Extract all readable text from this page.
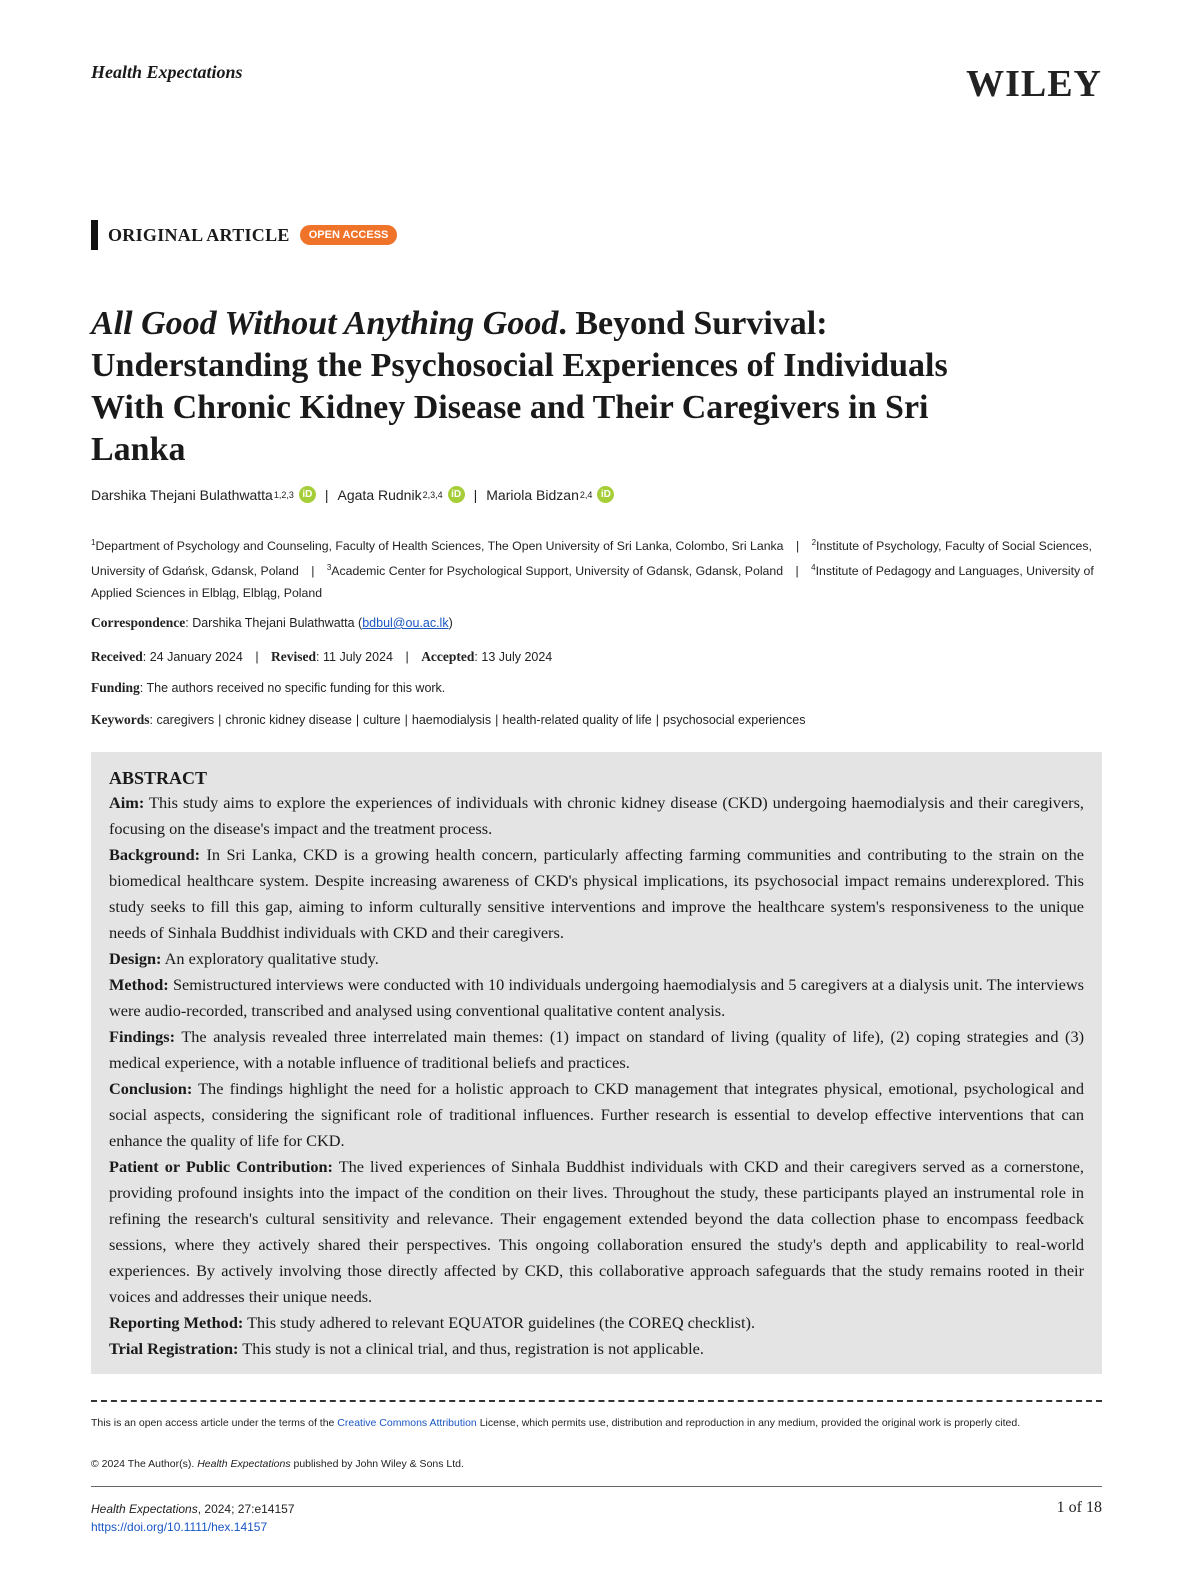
Health Expectations	WILEY
ORIGINAL ARTICLE	OPEN ACCESS
All Good Without Anything Good. Beyond Survival: Understanding the Psychosocial Experiences of Individuals With Chronic Kidney Disease and Their Caregivers in Sri Lanka
Darshika Thejani Bulathwatta 1,2,3 iD | Agata Rudnik 2,3,4 iD | Mariola Bidzan 2,4 iD
$^1$Department of Psychology and Counseling, Faculty of Health Sciences, The Open University of Sri Lanka, Colombo, Sri Lanka | $^2$Institute of Psychology, Faculty of Social Sciences, University of Gdańsk, Gdansk, Poland | $^3$Academic Center for Psychological Support, University of Gdansk, Gdansk, Poland | $^4$Institute of Pedagogy and Languages, University of Applied Sciences in Elbląg, Elbląg, Poland
Correspondence: Darshika Thejani Bulathwatta (bdbul@ou.ac.lk)
Received: 24 January 2024 | Revised: 11 July 2024 | Accepted: 13 July 2024
Funding: The authors received no specific funding for this work.
Keywords: caregivers | chronic kidney disease | culture | haemodialysis | health-related quality of life | psychosocial experiences
ABSTRACT

Aim: This study aims to explore the experiences of individuals with chronic kidney disease (CKD) undergoing haemodialysis and their caregivers, focusing on the disease's impact and the treatment process.

Background: In Sri Lanka, CKD is a growing health concern, particularly affecting farming communities and contributing to the strain on the biomedical healthcare system. Despite increasing awareness of CKD's physical implications, its psychosocial impact remains underexplored. This study seeks to fill this gap, aiming to inform culturally sensitive interventions and improve the healthcare system's responsiveness to the unique needs of Sinhala Buddhist individuals with CKD and their caregivers.

Design: An exploratory qualitative study.

Method: Semistructured interviews were conducted with 10 individuals undergoing haemodialysis and 5 caregivers at a dialysis unit. The interviews were audio-recorded, transcribed and analysed using conventional qualitative content analysis.

Findings: The analysis revealed three interrelated main themes: (1) impact on standard of living (quality of life), (2) coping strategies and (3) medical experience, with a notable influence of traditional beliefs and practices.

Conclusion: The findings highlight the need for a holistic approach to CKD management that integrates physical, emotional, psychological and social aspects, considering the significant role of traditional influences. Further research is essential to develop effective interventions that can enhance the quality of life for CKD.

Patient or Public Contribution: The lived experiences of Sinhala Buddhist individuals with CKD and their caregivers served as a cornerstone, providing profound insights into the impact of the condition on their lives. Throughout the study, these participants played an instrumental role in refining the research's cultural sensitivity and relevance. Their engagement extended beyond the data collection phase to encompass feedback sessions, where they actively shared their perspectives. This ongoing collaboration ensured the study's depth and applicability to real-world experiences. By actively involving those directly affected by CKD, this collaborative approach safeguards that the study remains rooted in their voices and addresses their unique needs.

Reporting Method: This study adhered to relevant EQUATOR guidelines (the COREQ checklist).

Trial Registration: This study is not a clinical trial, and thus, registration is not applicable.

This is an open access article under the terms of the Creative Commons Attribution License, which permits use, distribution and reproduction in any medium, provided the original work is properly cited.
© 2024 The Author(s). Health Expectations published by John Wiley & Sons Ltd.
Health Expectations, 2024; 27:e14157
https://doi.org/10.1111/hex.14157
1 of 18
